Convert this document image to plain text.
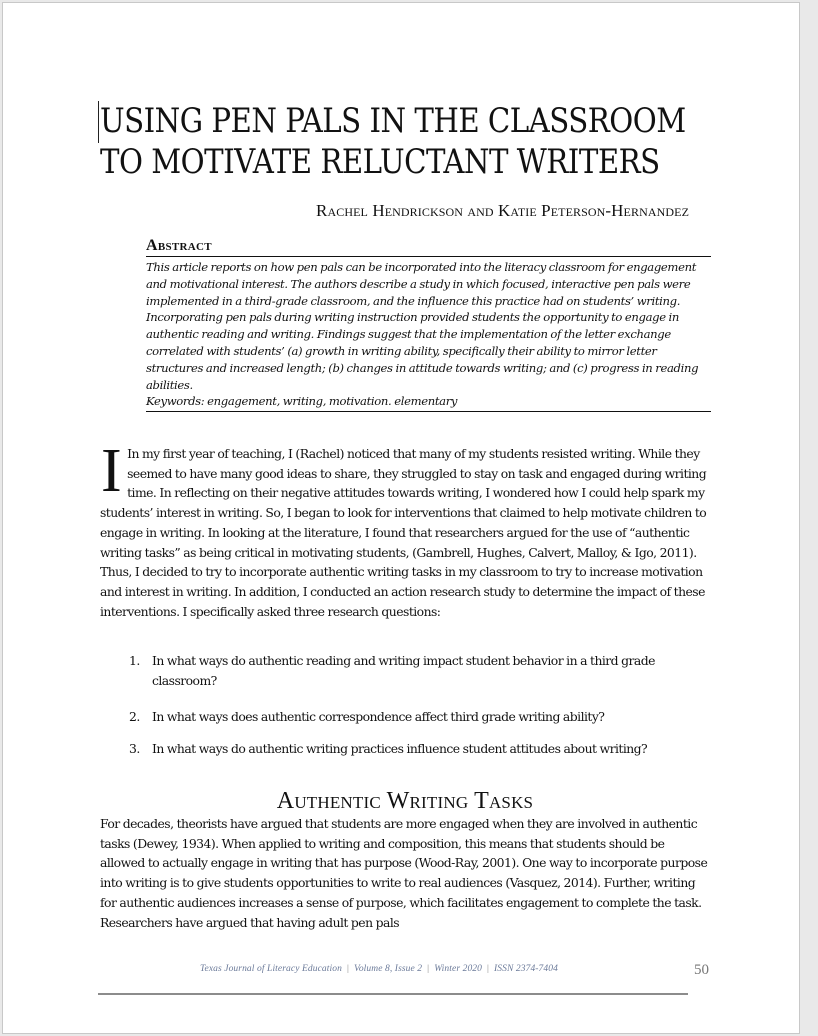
USING PEN PALS IN THE CLASSROOM
TO MOTIVATE RELUCTANT WRITERS
Rachel Hendrickson and Katie Peterson-Hernandez
Abstract

This article reports on how pen pals can be incorporated into the literacy classroom for engagement and motivational interest. The authors describe a study in which focused, interactive pen pals were implemented in a third-grade classroom, and the influence this practice had on students’ writing. Incorporating pen pals during writing instruction provided students the opportunity to engage in authentic reading and writing. Findings suggest that the implementation of the letter exchange correlated with students’ (a) growth in writing ability, specifically their ability to mirror letter structures and increased length; (b) changes in attitude towards writing; and (c) progress in reading abilities.

Keywords: engagement, writing, motivation. elementary

I In my first year of teaching, I (Rachel) noticed that many of my students resisted writing. While they seemed to have many good ideas to share, they struggled to stay on task and engaged during writing time. In reflecting on their negative attitudes towards writing, I wondered how I could help spark my students’ interest in writing. So, I began to look for interventions that claimed to help motivate children to engage in writing. In looking at the literature, I found that researchers argued for the use of “authentic writing tasks” as being critical in motivating students, (Gambrell, Hughes, Calvert, Malloy, & Igo, 2011). Thus, I decided to try to incorporate authentic writing tasks in my classroom to try to increase motivation and interest in writing. In addition, I conducted an action research study to determine the impact of these interventions. I specifically asked three research questions:

1. In what ways do authentic reading and writing impact student behavior in a third grade classroom?
2. In what ways does authentic correspondence affect third grade writing ability?
3. In what ways do authentic writing practices influence student attitudes about writing?
Authentic Writing Tasks

For decades, theorists have argued that students are more engaged when they are involved in authentic tasks (Dewey, 1934). When applied to writing and composition, this means that students should be allowed to actually engage in writing that has purpose (Wood-Ray, 2001). One way to incorporate purpose into writing is to give students opportunities to write to real audiences (Vasquez, 2014). Further, writing for authentic audiences increases a sense of purpose, which facilitates engagement to complete the task. Researchers have argued that having adult pen pals

Texas Journal of Literacy Education | Volume 8, Issue 2 | Winter 2020 | ISSN 2374-7404	50
